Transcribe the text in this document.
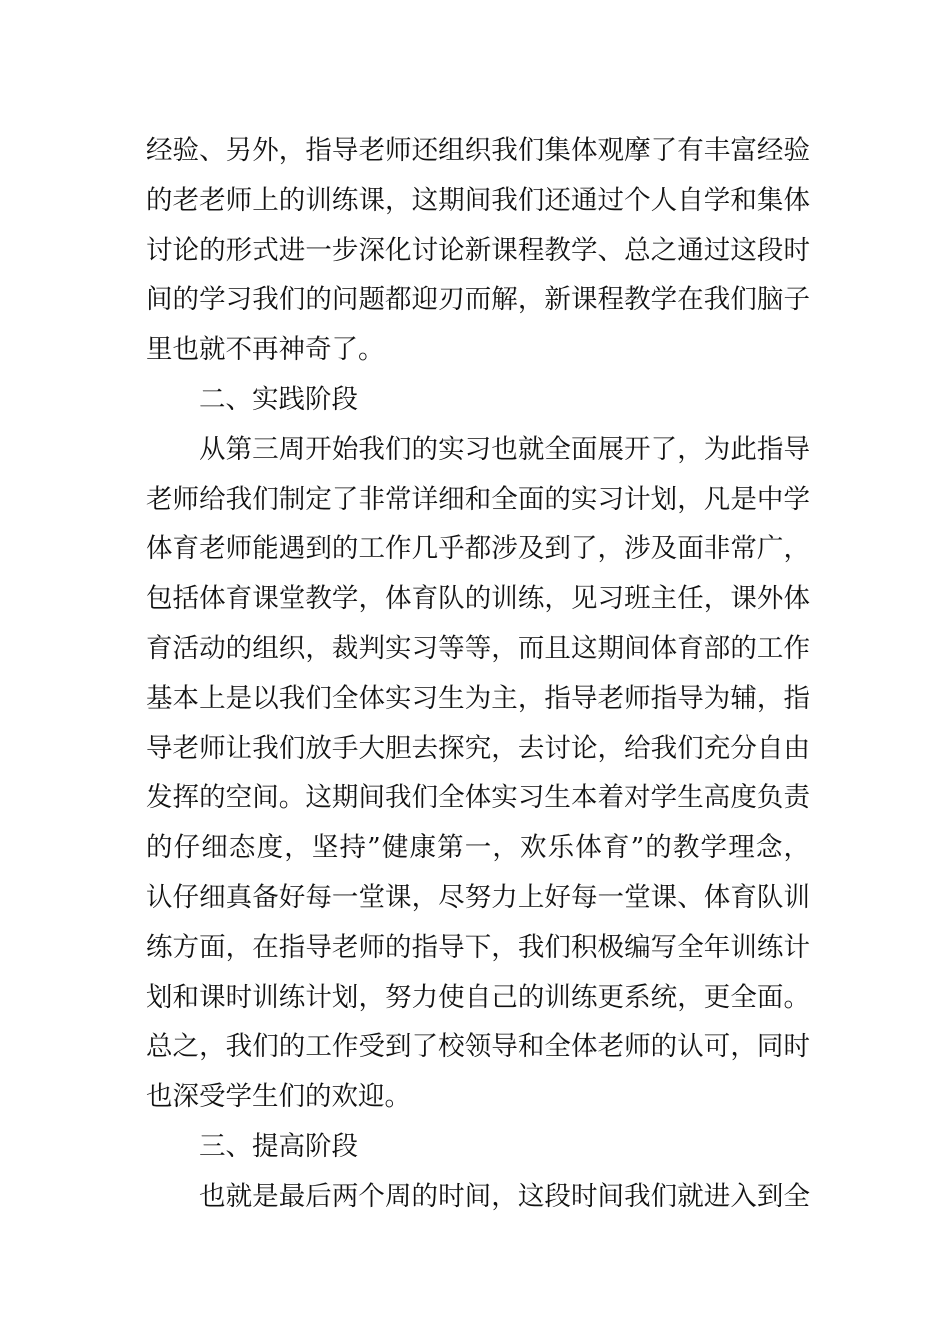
经验、另外，指导老师还组织我们集体观摩了有丰富经验
的老老师上的训练课，这期间我们还通过个人自学和集体
讨论的形式进一步深化讨论新课程教学、总之通过这段时
间的学习我们的问题都迎刃而解，新课程教学在我们脑子
里也就不再神奇了。
二、实践阶段
从第三周开始我们的实习也就全面展开了，为此指导
老师给我们制定了非常详细和全面的实习计划，凡是中学
体育老师能遇到的工作几乎都涉及到了，涉及面非常广，
包括体育课堂教学，体育队的训练，见习班主任，课外体
育活动的组织，裁判实习等等，而且这期间体育部的工作
基本上是以我们全体实习生为主，指导老师指导为辅，指
导老师让我们放手大胆去探究，去讨论，给我们充分自由
发挥的空间。这期间我们全体实习生本着对学生高度负责
的仔细态度，坚持”健康第一，欢乐体育”的教学理念，
认仔细真备好每一堂课，尽努力上好每一堂课、体育队训
练方面，在指导老师的指导下，我们积极编写全年训练计
划和课时训练计划，努力使自己的训练更系统，更全面。
总之，我们的工作受到了校领导和全体老师的认可，同时
也深受学生们的欢迎。
三、提高阶段
也就是最后两个周的时间，这段时间我们就进入到全
